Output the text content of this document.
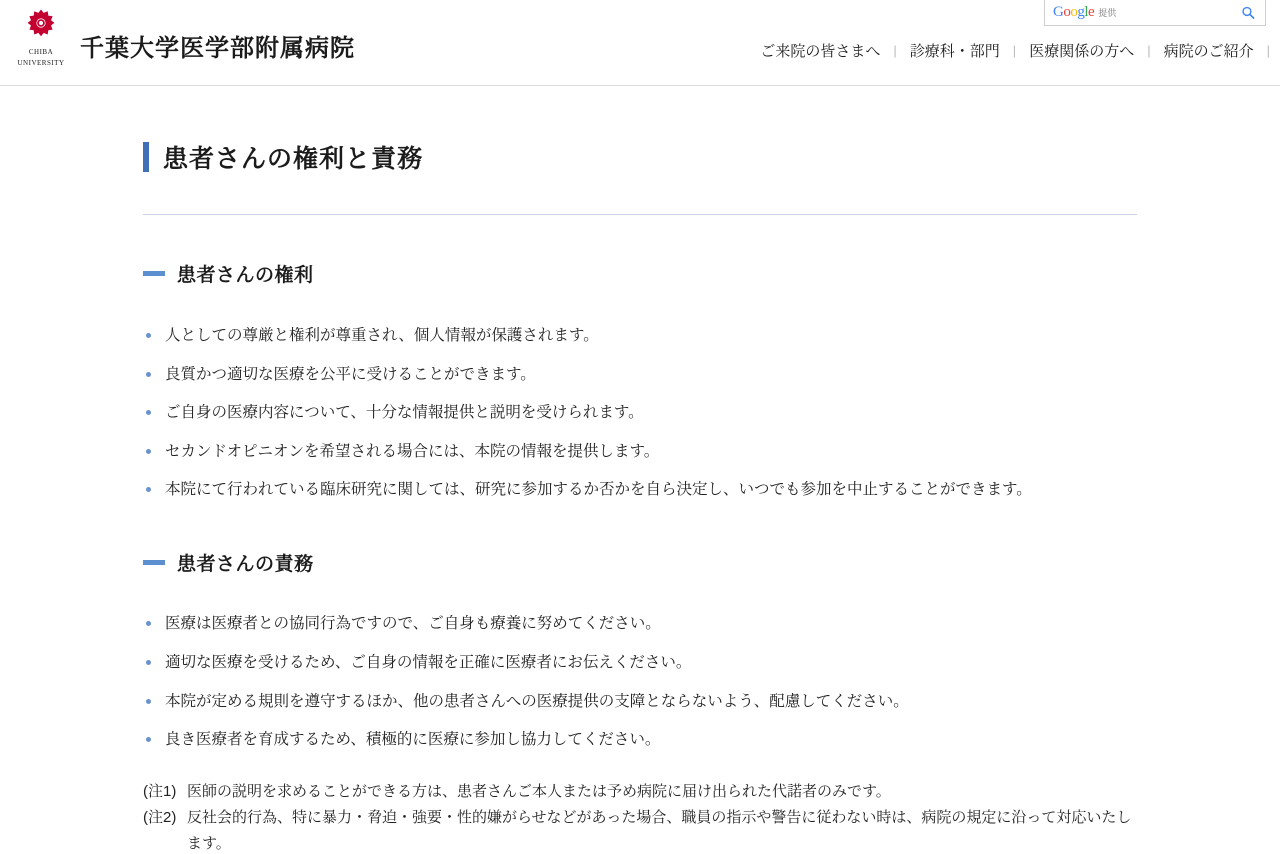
CHIBA
UNIVERSITY
千葉大学医学部附属病院
Google 提供
ご来院の皆さまへ	| 診療科・部門	| 医療関係の方へ	| 病院のご紹介	|
患者さんの権利と責務
患者さんの権利
人としての尊厳と権利が尊重され、個人情報が保護されます。
良質かつ適切な医療を公平に受けることができます。
ご自身の医療内容について、十分な情報提供と説明を受けられます。
セカンドオピニオンを希望される場合には、本院の情報を提供します。
本院にて行われている臨床研究に関しては、研究に参加するか否かを自ら決定し、いつでも参加を中止することができます。
患者さんの責務
医療は医療者との協同行為ですので、ご自身も療養に努めてください。
適切な医療を受けるため、ご自身の情報を正確に医療者にお伝えください。
本院が定める規則を遵守するほか、他の患者さんへの医療提供の支障とならないよう、配慮してください。
良き医療者を育成するため、積極的に医療に参加し協力してください。
(注1) 医師の説明を求めることができる方は、患者さんご本人または予め病院に届け出られた代諾者のみです。
(注2) 反社会的行為、特に暴力・脅迫・強要・性的嫌がらせなどがあった場合、職員の指示や警告に従わない時は、病院の規定に沿って対応いたします。
